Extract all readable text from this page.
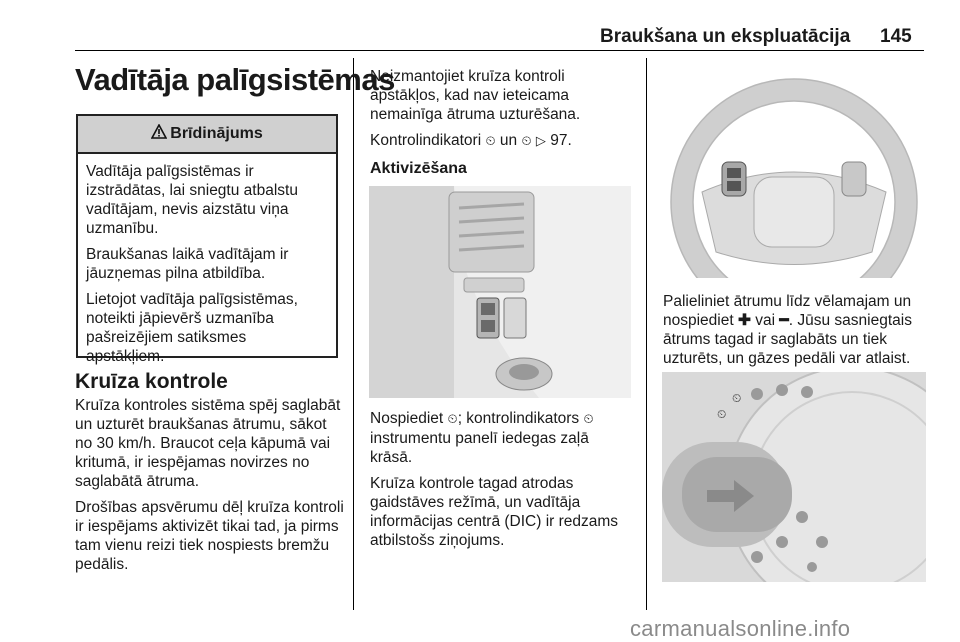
Braukšana un ekspluatācija 145
Vadītāja palīgsistēmas
Brīdinājums

Vadītāja palīgsistēmas ir izstrādātas, lai sniegtu atbalstu vadītājam, nevis aizstātu viņa uzmanību.

Braukšanas laikā vadītājam ir jāuzņemas pilna atbildība.

Lietojot vadītāja palīgsistēmas, noteikti jāpievērš uzmanība pašreizējiem satiksmes apstākļiem.

Kruīza kontrole

Kruīza kontroles sistēma spēj saglabāt un uzturēt braukšanas ātrumu, sākot no 30 km/h. Braucot ceļa kāpumā vai kritumā, ir iespējamas novirzes no saglabātā ātruma.

Drošības apsvērumu dēļ kruīza kontroli ir iespējams aktivizēt tikai tad, ja pirms tam vienu reizi tiek nospiests bremžu pedālis.

Neizmantojiet kruīza kontroli apstākļos, kad nav ieteicama nemainīga ātruma uzturēšana.

Kontrolindikatori ⏲ un ⏲ ▷ 97.

Aktivizēšana

Nospiediet ⏲; kontrolindikators ⏲ instrumentu panelī iedegas zaļā krāsā.

Kruīza kontrole tagad atrodas gaidstāves režīmā, un vadītāja informācijas centrā (DIC) ir redzams atbilstošs ziņojums.

Palieliniet ātrumu līdz vēlamajam un nospiediet ✚ vai ━. Jūsu sasniegtais ātrums tagad ir saglabāts un tiek uzturēts, un gāzes pedāli var atlaist.

⏲
⏲
carmanualsonline.info
